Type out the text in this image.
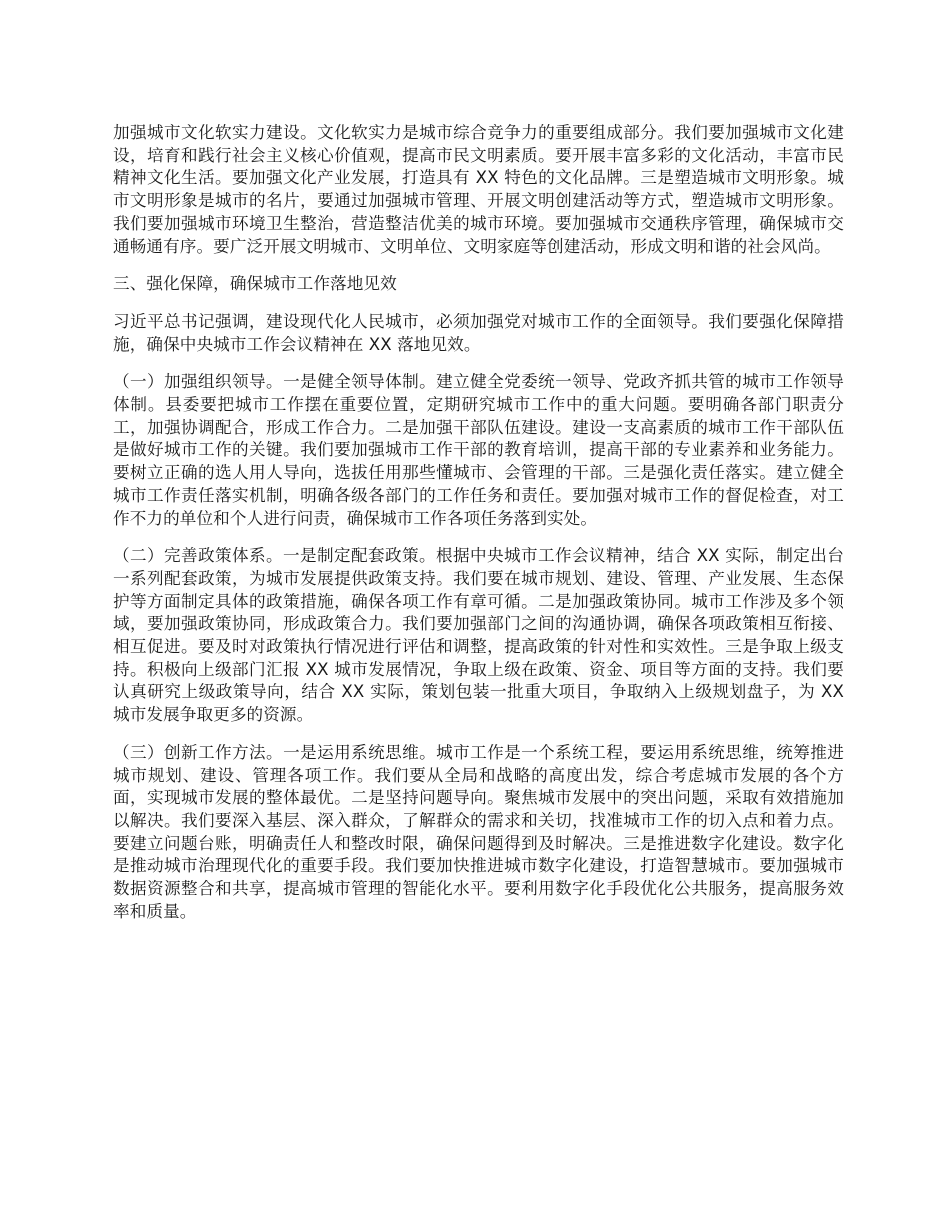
加强城市文化软实力建设。文化软实力是城市综合竞争力的重要组成部分。我们要加强城市文化建设，培育和践行社会主义核心价值观，提高市民文明素质。要开展丰富多彩的文化活动，丰富市民精神文化生活。要加强文化产业发展，打造具有 XX 特色的文化品牌。三是塑造城市文明形象。城市文明形象是城市的名片，要通过加强城市管理、开展文明创建活动等方式，塑造城市文明形象。我们要加强城市环境卫生整治，营造整洁优美的城市环境。要加强城市交通秩序管理，确保城市交通畅通有序。要广泛开展文明城市、文明单位、文明家庭等创建活动，形成文明和谐的社会风尚。

三、强化保障，确保城市工作落地见效

习近平总书记强调，建设现代化人民城市，必须加强党对城市工作的全面领导。我们要强化保障措施，确保中央城市工作会议精神在 XX 落地见效。

（一）加强组织领导。一是健全领导体制。建立健全党委统一领导、党政齐抓共管的城市工作领导体制。县委要把城市工作摆在重要位置，定期研究城市工作中的重大问题。要明确各部门职责分工，加强协调配合，形成工作合力。二是加强干部队伍建设。建设一支高素质的城市工作干部队伍是做好城市工作的关键。我们要加强城市工作干部的教育培训，提高干部的专业素养和业务能力。要树立正确的选人用人导向，选拔任用那些懂城市、会管理的干部。三是强化责任落实。建立健全城市工作责任落实机制，明确各级各部门的工作任务和责任。要加强对城市工作的督促检查，对工作不力的单位和个人进行问责，确保城市工作各项任务落到实处。

（二）完善政策体系。一是制定配套政策。根据中央城市工作会议精神，结合 XX 实际，制定出台一系列配套政策，为城市发展提供政策支持。我们要在城市规划、建设、管理、产业发展、生态保护等方面制定具体的政策措施，确保各项工作有章可循。二是加强政策协同。城市工作涉及多个领域，要加强政策协同，形成政策合力。我们要加强部门之间的沟通协调，确保各项政策相互衔接、相互促进。要及时对政策执行情况进行评估和调整，提高政策的针对性和实效性。三是争取上级支持。积极向上级部门汇报 XX 城市发展情况，争取上级在政策、资金、项目等方面的支持。我们要认真研究上级政策导向，结合 XX 实际，策划包装一批重大项目，争取纳入上级规划盘子，为 XX 城市发展争取更多的资源。

（三）创新工作方法。一是运用系统思维。城市工作是一个系统工程，要运用系统思维，统筹推进城市规划、建设、管理各项工作。我们要从全局和战略的高度出发，综合考虑城市发展的各个方面，实现城市发展的整体最优。二是坚持问题导向。聚焦城市发展中的突出问题，采取有效措施加以解决。我们要深入基层、深入群众，了解群众的需求和关切，找准城市工作的切入点和着力点。要建立问题台账，明确责任人和整改时限，确保问题得到及时解决。三是推进数字化建设。数字化是推动城市治理现代化的重要手段。我们要加快推进城市数字化建设，打造智慧城市。要加强城市数据资源整合和共享，提高城市管理的智能化水平。要利用数字化手段优化公共服务，提高服务效率和质量。
